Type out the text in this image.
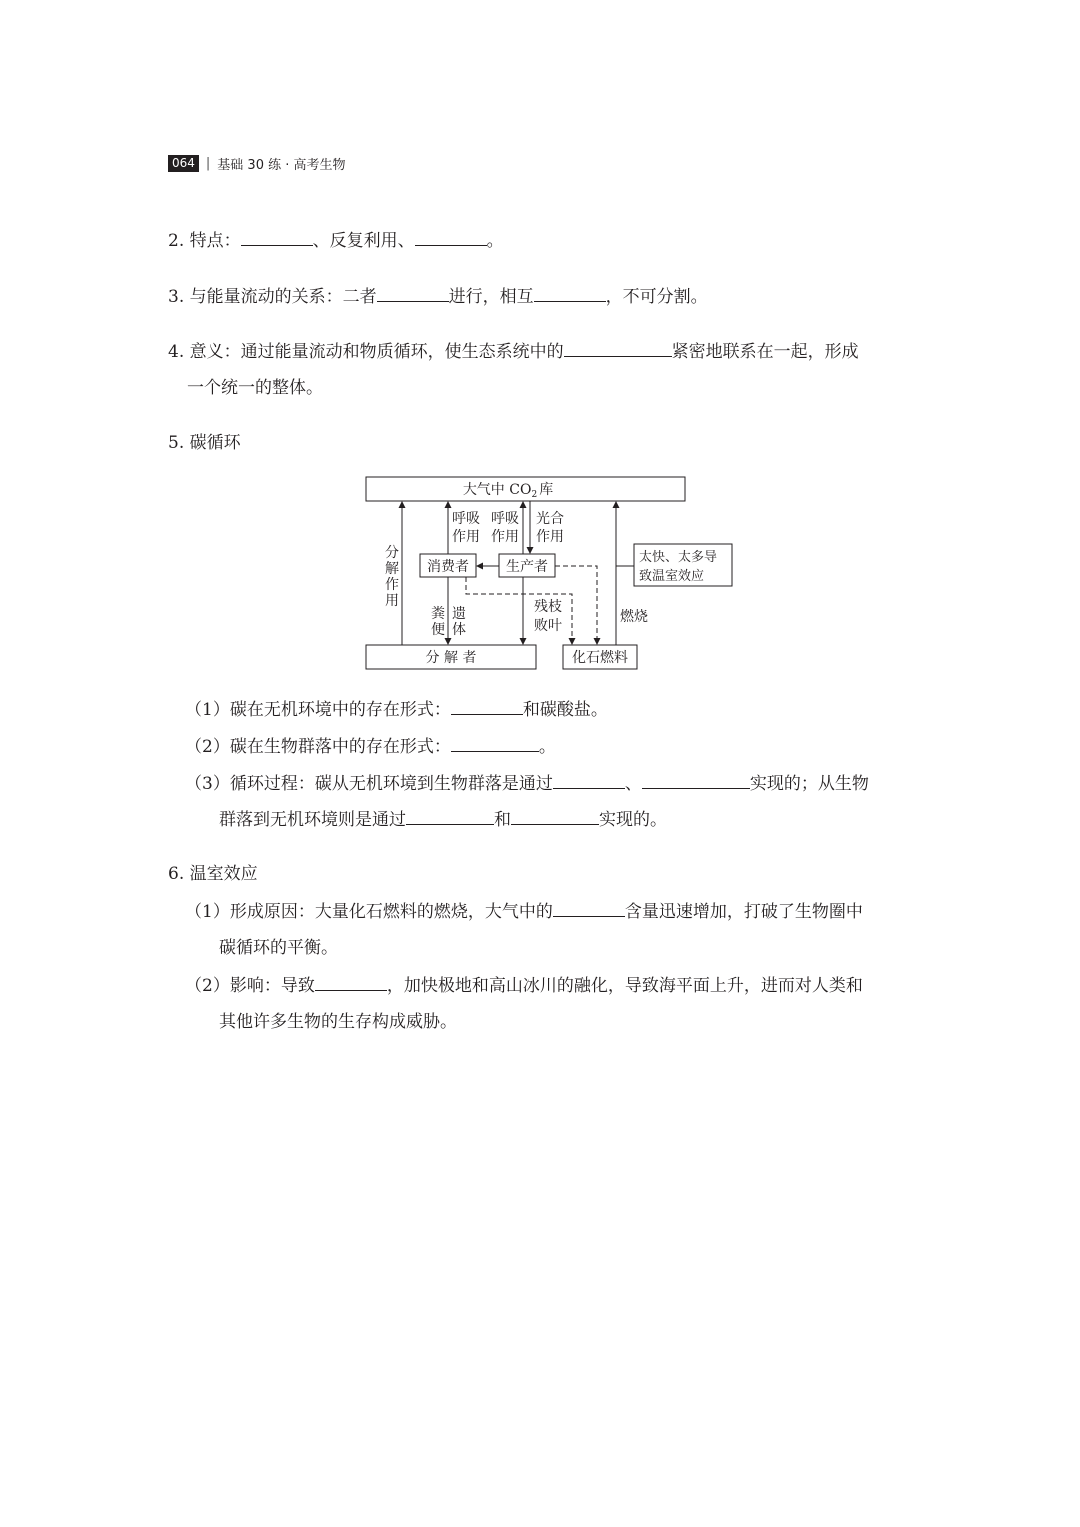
064 | 基础 30 练 · 高考生物
2. 特点：	、反复利用、	。
3. 与能量流动的关系：二者	进行，相互	，不可分割。
4. 意义：通过能量流动和物质循环，使生态系统中的	紧密地联系在一起，形成
一个统一的整体。
5. 碳循环
大气中 $CO_2$ 库
消费者	生产者
太快、太多导
致温室效应
分 解 者	化石燃料
分
解
作
用
呼吸
作用
呼吸
作用
光合
作用
粪
便
遗
体
残枝
败叶
燃烧
（1）碳在无机环境中的存在形式：	和碳酸盐。
（2）碳在生物群落中的存在形式：	。
（3）循环过程：碳从无机环境到生物群落是通过	、	实现的；从生物
群落到无机环境则是通过	和	实现的。
6. 温室效应
（1）形成原因：大量化石燃料的燃烧，大气中的	含量迅速增加，打破了生物圈中
碳循环的平衡。
（2）影响：导致	，加快极地和高山冰川的融化，导致海平面上升，进而对人类和
其他许多生物的生存构成威胁。
